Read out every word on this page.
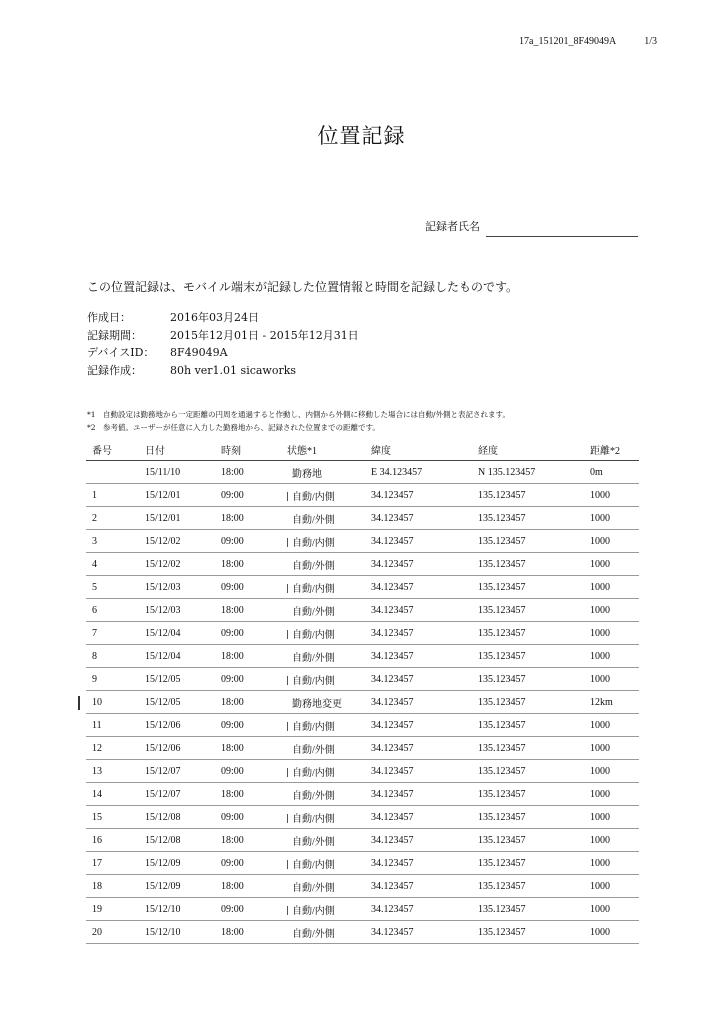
17a_151201_8F49049A	1/3
位置記録
記録者氏名
この位置記録は、モバイル端末が記録した位置情報と時間を記録したものです。
作成日：	2016年03月24日
記録期間：	2015年12月01日 - 2015年12月31日
デバイスID：	8F49049A
記録作成：	80h ver1.01 sicaworks
*1　自動設定は勤務地から一定距離の円周を通過すると作動し、内側から外側に移動した場合には自動/外側と表記されます。
*2　参考値。ユーザーが任意に入力した勤務地から、記録された位置までの距離です。
番号	日付	時刻	状態*1	緯度	経度	距離*2
	15/11/10	18:00	勤務地	E 34.123457	N 135.123457	0m
1	15/12/01	09:00	自動/内側	34.123457	135.123457	1000
2	15/12/01	18:00	自動/外側	34.123457	135.123457	1000
3	15/12/02	09:00	自動/内側	34.123457	135.123457	1000
4	15/12/02	18:00	自動/外側	34.123457	135.123457	1000
5	15/12/03	09:00	自動/内側	34.123457	135.123457	1000
6	15/12/03	18:00	自動/外側	34.123457	135.123457	1000
7	15/12/04	09:00	自動/内側	34.123457	135.123457	1000
8	15/12/04	18:00	自動/外側	34.123457	135.123457	1000
9	15/12/05	09:00	自動/内側	34.123457	135.123457	1000
10	15/12/05	18:00	勤務地変更	34.123457	135.123457	12km
11	15/12/06	09:00	自動/内側	34.123457	135.123457	1000
12	15/12/06	18:00	自動/外側	34.123457	135.123457	1000
13	15/12/07	09:00	自動/内側	34.123457	135.123457	1000
14	15/12/07	18:00	自動/外側	34.123457	135.123457	1000
15	15/12/08	09:00	自動/内側	34.123457	135.123457	1000
16	15/12/08	18:00	自動/外側	34.123457	135.123457	1000
17	15/12/09	09:00	自動/内側	34.123457	135.123457	1000
18	15/12/09	18:00	自動/外側	34.123457	135.123457	1000
19	15/12/10	09:00	自動/内側	34.123457	135.123457	1000
20	15/12/10	18:00	自動/外側	34.123457	135.123457	1000
